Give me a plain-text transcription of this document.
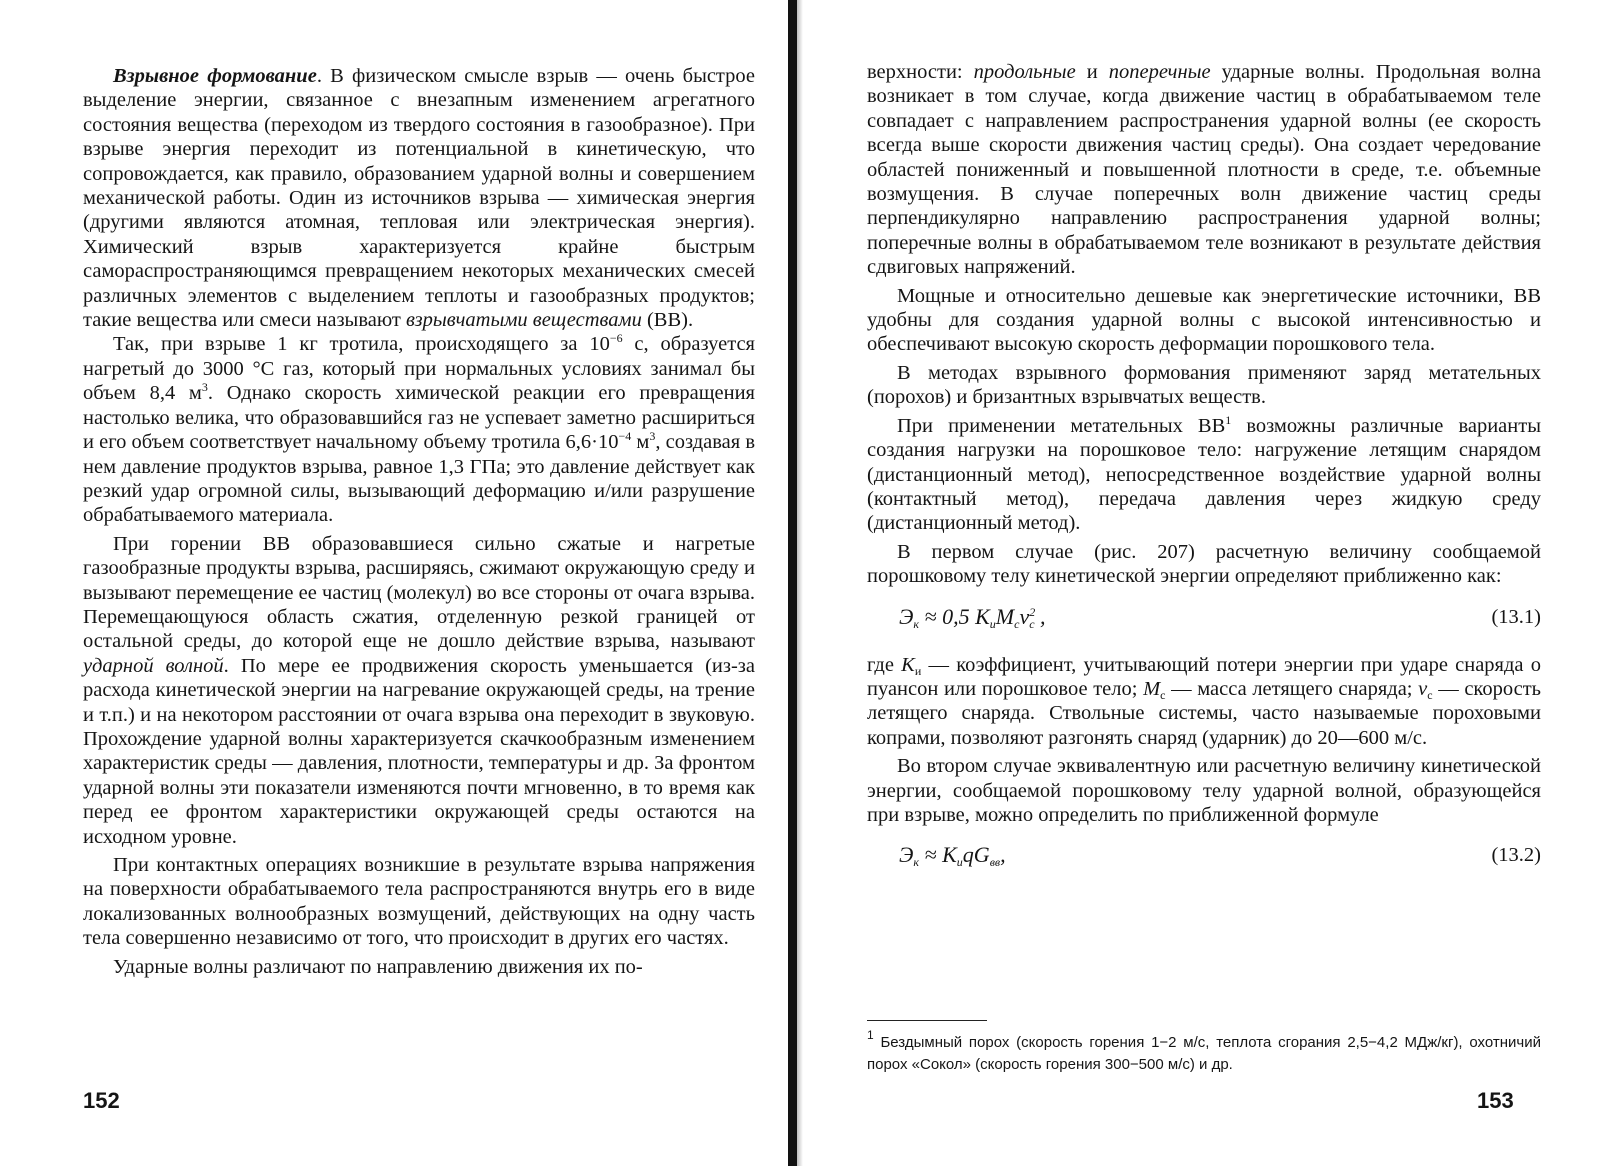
Взрывное формование. В физическом смысле взрыв — очень быстрое выделение энергии, связанное с внезапным изменением агрегатного состояния вещества (переходом из твердого состояния в газообразное). При взрыве энергия переходит из потенциальной в кинетическую, что сопровождается, как правило, образованием ударной волны и совершением механической работы. Один из источников взрыва — химическая энергия (другими являются атомная, тепловая или электрическая энергия). Химический взрыв характеризуется крайне быстрым самораспространяющимся превращением некоторых механических смесей различных элементов с выделением теплоты и газообразных продуктов; такие вещества или смеси называют взрывчатыми веществами (ВВ).

Так, при взрыве 1 кг тротила, происходящего за $10^{-6}$ с, образуется нагретый до 3000 °С газ, который при нормальных условиях занимал бы объем 8,4 $м^3$. Однако скорость химической реакции его превращения настолько велика, что образовавшийся газ не успевает заметно расшириться и его объем соответствует начальному объему тротила $6,6\cdot 10^{-4}$ $м^3$, создавая в нем давление продуктов взрыва, равное 1,3 ГПа; это давление действует как резкий удар огромной силы, вызывающий деформацию и/или разрушение обрабатываемого материала.

При горении ВВ образовавшиеся сильно сжатые и нагретые газообразные продукты взрыва, расширяясь, сжимают окружающую среду и вызывают перемещение ее частиц (молекул) во все стороны от очага взрыва. Перемещающуюся область сжатия, отделенную резкой границей от остальной среды, до которой еще не дошло действие взрыва, называют ударной волной. По мере ее продвижения скорость уменьшается (из-за расхода кинетической энергии на нагревание окружающей среды, на трение и т.п.) и на некотором расстоянии от очага взрыва она переходит в звуковую. Прохождение ударной волны характеризуется скачкообразным изменением характеристик среды — давления, плотности, температуры и др. За фронтом ударной волны эти показатели изменяются почти мгновенно, в то время как перед ее фронтом характеристики окружающей среды остаются на исходном уровне.

При контактных операциях возникшие в результате взрыва напряжения на поверхности обрабатываемого тела распространяются внутрь его в виде локализованных волнообразных возмущений, действующих на одну часть тела совершенно независимо от того, что происходит в других его частях.

Ударные волны различают по направлению движения их по-

152

верхности: продольные и поперечные ударные волны. Продольная волна возникает в том случае, когда движение частиц в обрабатываемом теле совпадает с направлением распространения ударной волны (ее скорость всегда выше скорости движения частиц среды). Она создает чередование областей пониженный и повышенной плотности в среде, т.е. объемные возмущения. В случае поперечных волн движение частиц среды перпендикулярно направлению распространения ударной волны; поперечные волны в обрабатываемом теле возникают в результате действия сдвиговых напряжений.

Мощные и относительно дешевые как энергетические источники, ВВ удобны для создания ударной волны с высокой интенсивностью и обеспечивают высокую скорость деформации порошкового тела.

В методах взрывного формования применяют заряд метательных (порохов) и бризантных взрывчатых веществ.

При применении метательных $ВВ^1$ возможны различные варианты создания нагрузки на порошковое тело: нагружение летящим снарядом (дистанционный метод), непосредственное воздействие ударной волны (контактный метод), передача давления через жидкую среду (дистанционный метод).

В первом случае (рис. 207) расчетную величину сообщаемой порошковому телу кинетической энергии определяют приближенно как:

$Э_к \approx 0,5$ $K_иM_cv^2_c$ ,	(13.1)

где $K_и$ — коэффициент, учитывающий потери энергии при ударе снаряда о пуансон или порошковое тело; $M_c$ — масса летящего снаряда; $v_c$ — скорость летящего снаряда. Ствольные системы, часто называемые пороховыми копрами, позволяют разгонять снаряд (ударник) до 20—600 м/с.

Во втором случае эквивалентную или расчетную величину кинетической энергии, сообщаемой порошковому телу ударной волной, образующейся при взрыве, можно определить по приближенной формуле

$Э_к \approx K_иqG_{вв}$,	(13.2)
$^1$ Бездымный порох (скорость горения 1−2 м/с, теплота сгорания 2,5−4,2 МДж/кг), охотничий порох «Сокол» (скорость горения 300−500 м/с) и др.
153
